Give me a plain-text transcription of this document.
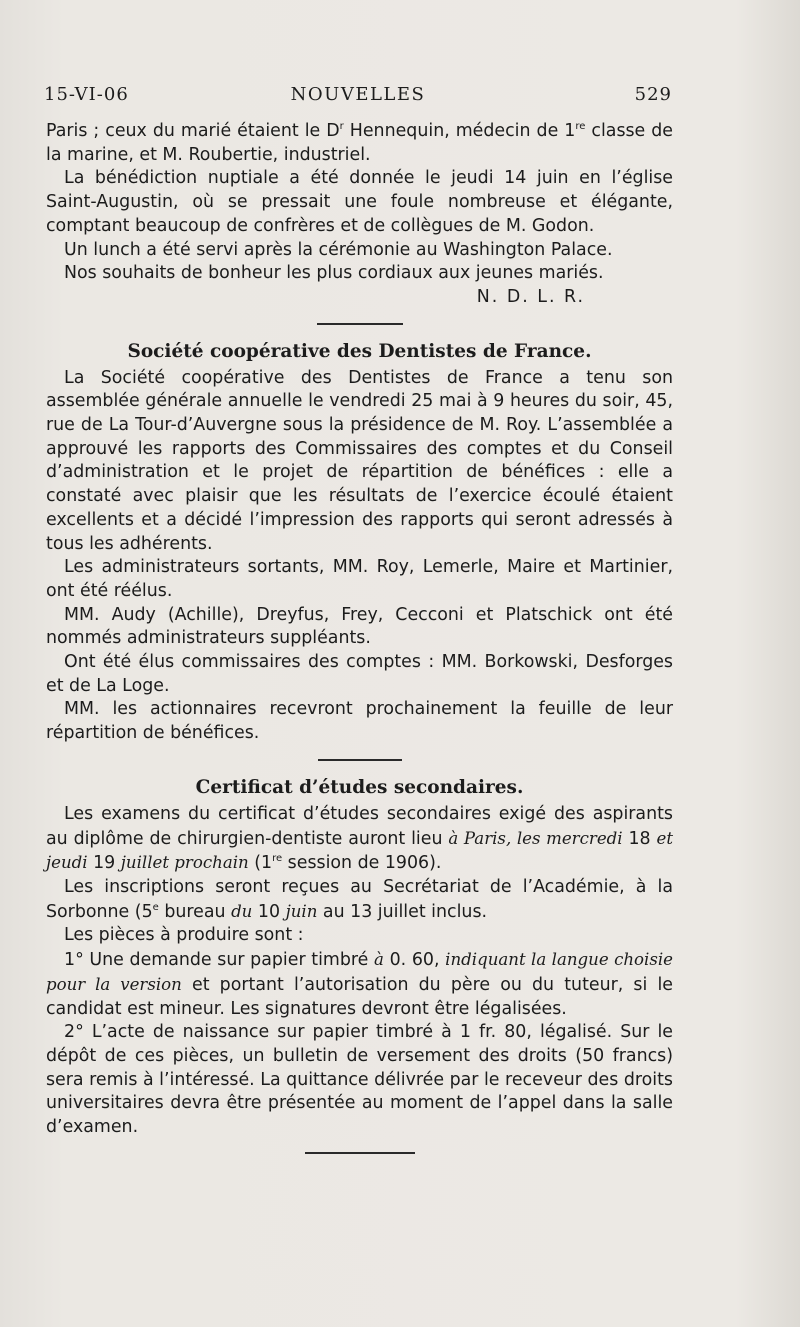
15-VI-06	NOUVELLES	529

Paris ; ceux du marié étaient le $D^r$ Hennequin, médecin de 1re classe de la marine, et M. Roubertie, industriel.

La bénédiction nuptiale a été donnée le jeudi 14 juin en l’église Saint-Augustin, où se pressait une foule nombreuse et élégante, comptant beaucoup de confrères et de collègues de M. Godon.

Un lunch a été servi après la cérémonie au Washington Palace.

Nos souhaits de bonheur les plus cordiaux aux jeunes mariés.

N. D. L. R.

Société coopérative des Dentistes de France.

La Société coopérative des Dentistes de France a tenu son assemblée générale annuelle le vendredi 25 mai à 9 heures du soir, 45, rue de La Tour-d’Auvergne sous la présidence de M. Roy. L’assemblée a approuvé les rapports des Commissaires des comptes et du Conseil d’administration et le projet de répartition de bénéfices : elle a constaté avec plaisir que les résultats de l’exercice écoulé étaient excellents et a décidé l’impression des rapports qui seront adressés à tous les adhérents.

Les administrateurs sortants, MM. Roy, Lemerle, Maire et Martinier, ont été réélus.

MM. Audy (Achille), Dreyfus, Frey, Cecconi et Platschick ont été nommés administrateurs suppléants.

Ont été élus commissaires des comptes : MM. Borkowski, Desforges et de La Loge.

MM. les actionnaires recevront prochainement la feuille de leur répartition de bénéfices.

Certificat d’études secondaires.

Les examens du certificat d’études secondaires exigé des aspirants au diplôme de chirurgien-dentiste auront lieu à Paris, les mercredi 18 et jeudi 19 juillet prochain (1re session de 1906).

Les inscriptions seront reçues au Secrétariat de l’Académie, à la Sorbonne (5e bureau du 10 juin au 13 juillet inclus.

Les pièces à produire sont :

1° Une demande sur papier timbré à 0. 60, indiquant la langue choisie pour la version et portant l’autorisation du père ou du tuteur, si le candidat est mineur. Les signatures devront être légalisées.

2° L’acte de naissance sur papier timbré à 1 fr. 80, légalisé. Sur le dépôt de ces pièces, un bulletin de versement des droits (50 francs) sera remis à l’intéressé. La quittance délivrée par le receveur des droits universitaires devra être présentée au moment de l’appel dans la salle d’examen.
